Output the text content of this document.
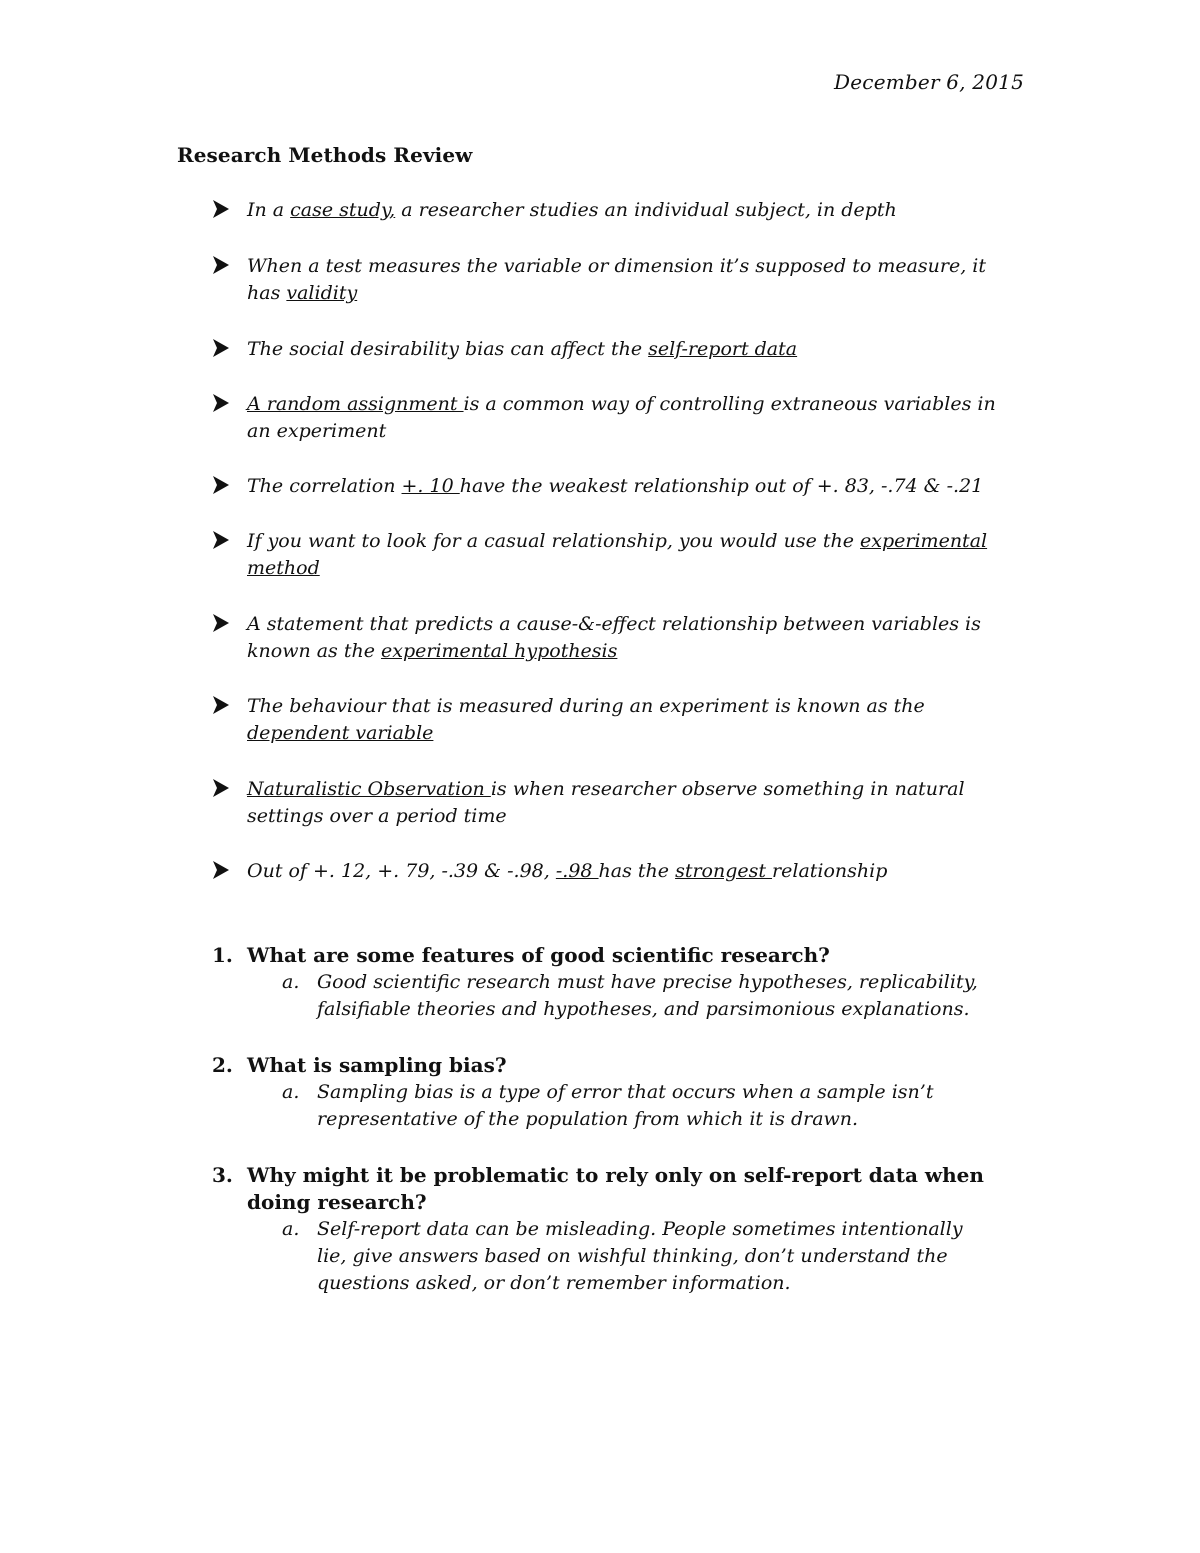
December 6, 2015
Research Methods Review
In a case study, a researcher studies an individual subject, in depth
When a test measures the variable or dimension it’s supposed to measure, it has validity
The social desirability bias can affect the self-report data
A random assignment is a common way of controlling extraneous variables in an experiment
The correlation +. 10 have the weakest relationship out of +. 83, -.74 & -.21
If you want to look for a casual relationship, you would use the experimental method
A statement that predicts a cause-&-effect relationship between variables is known as the experimental hypothesis
The behaviour that is measured during an experiment is known as the dependent variable
Naturalistic Observation is when researcher observe something in natural settings over a period time
Out of +. 12, +. 79, -.39 & -.98, -.98 has the strongest relationship
1. What are some features of good scientific research?
a. Good scientific research must have precise hypotheses, replicability, falsifiable theories and hypotheses, and parsimonious explanations.
2. What is sampling bias?
a. Sampling bias is a type of error that occurs when a sample isn’t representative of the population from which it is drawn.
3. Why might it be problematic to rely only on self-report data when doing research?
a. Self-report data can be misleading. People sometimes intentionally lie, give answers based on wishful thinking, don’t understand the questions asked, or don’t remember information.
